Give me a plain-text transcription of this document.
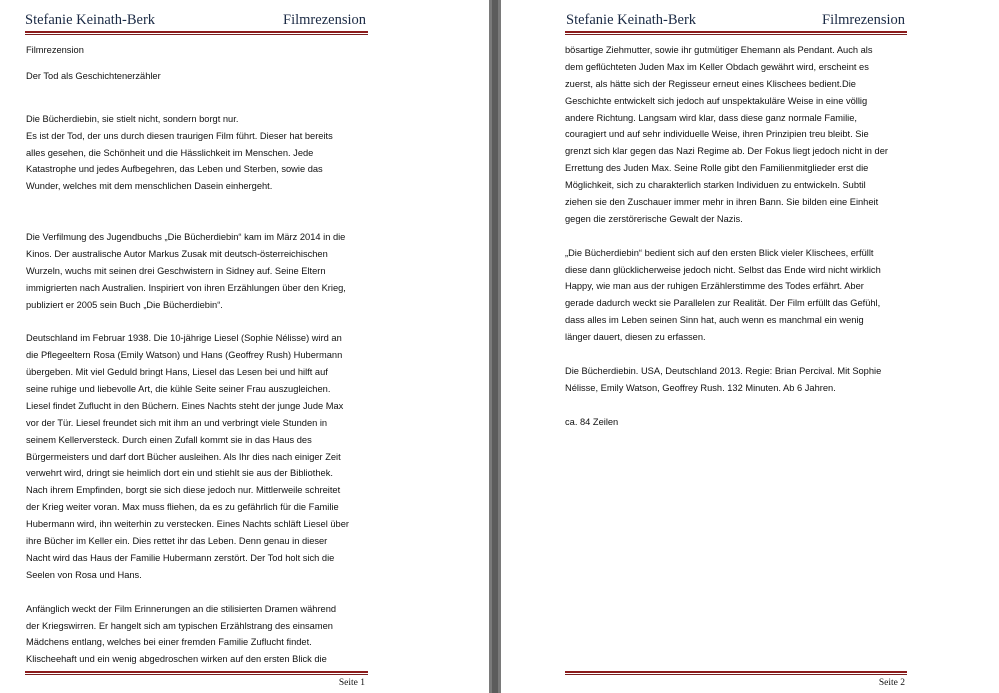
Stefanie Keinath-Berk	Filmrezension

Filmrezension

Der Tod als Geschichtenerzähler

Die Bücherdiebin, sie stielt nicht, sondern borgt nur.
Es ist der Tod, der uns durch diesen traurigen Film führt. Dieser hat bereits
alles gesehen, die Schönheit und die Hässlichkeit im Menschen. Jede
Katastrophe und jedes Aufbegehren, das Leben und Sterben, sowie das
Wunder, welches mit dem menschlichen Dasein einhergeht.

Die Verfilmung des Jugendbuchs „Die Bücherdiebin“ kam im März 2014 in die
Kinos. Der australische Autor Markus Zusak mit deutsch-österreichischen
Wurzeln, wuchs mit seinen drei Geschwistern in Sidney auf. Seine Eltern
immigrierten nach Australien. Inspiriert von ihren Erzählungen über den Krieg,
publiziert er 2005 sein Buch „Die Bücherdiebin“.

Deutschland im Februar 1938. Die 10-jährige Liesel (Sophie Nélisse) wird an
die Pflegeeltern Rosa (Emily Watson) und Hans (Geoffrey Rush) Hubermann
übergeben. Mit viel Geduld bringt Hans, Liesel das Lesen bei und hilft auf
seine ruhige und liebevolle Art, die kühle Seite seiner Frau auszugleichen.
Liesel findet Zuflucht in den Büchern. Eines Nachts steht der junge Jude Max
vor der Tür. Liesel freundet sich mit ihm an und verbringt viele Stunden in
seinem Kellerversteck. Durch einen Zufall kommt sie in das Haus des
Bürgermeisters und darf dort Bücher ausleihen. Als Ihr dies nach einiger Zeit
verwehrt wird, dringt sie heimlich dort ein und stiehlt sie aus der Bibliothek.
Nach ihrem Empfinden, borgt sie sich diese jedoch nur. Mittlerweile schreitet
der Krieg weiter voran. Max muss fliehen, da es zu gefährlich für die Familie
Hubermann wird, ihn weiterhin zu verstecken. Eines Nachts schläft Liesel über
ihre Bücher im Keller ein. Dies rettet ihr das Leben. Denn genau in dieser
Nacht wird das Haus der Familie Hubermann zerstört. Der Tod holt sich die
Seelen von Rosa und Hans.

Anfänglich weckt der Film Erinnerungen an die stilisierten Dramen während
der Kriegswirren. Er hangelt sich am typischen Erzählstrang des einsamen
Mädchens entlang, welches bei einer fremden Familie Zuflucht findet.
Klischeehaft und ein wenig abgedroschen wirken auf den ersten Blick die

Seite 1
Stefanie Keinath-Berk	Filmrezension

bösartige Ziehmutter, sowie ihr gutmütiger Ehemann als Pendant. Auch als
dem geflüchteten Juden Max im Keller Obdach gewährt wird, erscheint es
zuerst, als hätte sich der Regisseur erneut eines Klischees bedient.Die
Geschichte entwickelt sich jedoch auf unspektakuläre Weise in eine völlig
andere Richtung. Langsam wird klar, dass diese ganz normale Familie,
couragiert und auf sehr individuelle Weise, ihren Prinzipien treu bleibt. Sie
grenzt sich klar gegen das Nazi Regime ab. Der Fokus liegt jedoch nicht in der
Errettung des Juden Max. Seine Rolle gibt den Familienmitglieder erst die
Möglichkeit, sich zu charakterlich starken Individuen zu entwickeln. Subtil
ziehen sie den Zuschauer immer mehr in ihren Bann. Sie bilden eine Einheit
gegen die zerstörerische Gewalt der Nazis.

„Die Bücherdiebin“ bedient sich auf den ersten Blick vieler Klischees, erfüllt
diese dann glücklicherweise jedoch nicht. Selbst das Ende wird nicht wirklich
Happy, wie man aus der ruhigen Erzählerstimme des Todes erfährt. Aber
gerade dadurch weckt sie Parallelen zur Realität. Der Film erfüllt das Gefühl,
dass alles im Leben seinen Sinn hat, auch wenn es manchmal ein wenig
länger dauert, diesen zu erfassen.

Die Bücherdiebin. USA, Deutschland 2013. Regie: Brian Percival. Mit Sophie
Nélisse, Emily Watson, Geoffrey Rush. 132 Minuten. Ab 6 Jahren.

ca. 84 Zeilen

Seite 2
